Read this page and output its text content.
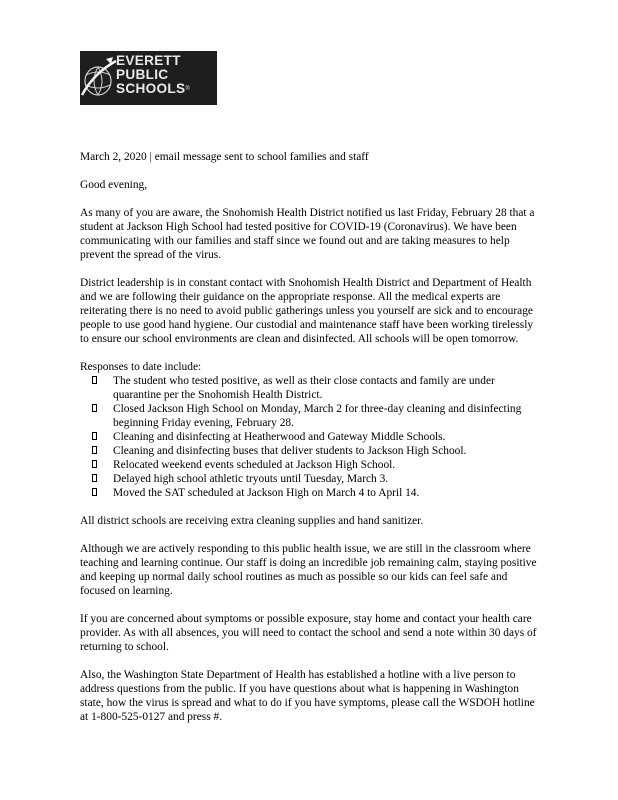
EVERETT
PUBLIC
SCHOOLS®
March 2, 2020 | email message sent to school families and staff
Good evening,
As many of you are aware, the Snohomish Health District notified us last Friday, February 28 that a student at Jackson High School had tested positive for COVID-19 (Coronavirus). We have been communicating with our families and staff since we found out and are taking measures to help prevent the spread of the virus.
District leadership is in constant contact with Snohomish Health District and Department of Health and we are following their guidance on the appropriate response. All the medical experts are reiterating there is no need to avoid public gatherings unless you yourself are sick and to encourage people to use good hand hygiene. Our custodial and maintenance staff have been working tirelessly to ensure our school environments are clean and disinfected. All schools will be open tomorrow.
Responses to date include:
The student who tested positive, as well as their close contacts and family are under quarantine per the Snohomish Health District.
Closed Jackson High School on Monday, March 2 for three-day cleaning and disinfecting beginning Friday evening, February 28.
Cleaning and disinfecting at Heatherwood and Gateway Middle Schools.
Cleaning and disinfecting buses that deliver students to Jackson High School.
Relocated weekend events scheduled at Jackson High School.
Delayed high school athletic tryouts until Tuesday, March 3.
Moved the SAT scheduled at Jackson High on March 4 to April 14.
All district schools are receiving extra cleaning supplies and hand sanitizer.
Although we are actively responding to this public health issue, we are still in the classroom where teaching and learning continue. Our staff is doing an incredible job remaining calm, staying positive and keeping up normal daily school routines as much as possible so our kids can feel safe and focused on learning.
If you are concerned about symptoms or possible exposure, stay home and contact your health care provider. As with all absences, you will need to contact the school and send a note within 30 days of returning to school.
Also, the Washington State Department of Health has established a hotline with a live person to address questions from the public. If you have questions about what is happening in Washington state, how the virus is spread and what to do if you have symptoms, please call the WSDOH hotline at 1-800-525-0127 and press #.
